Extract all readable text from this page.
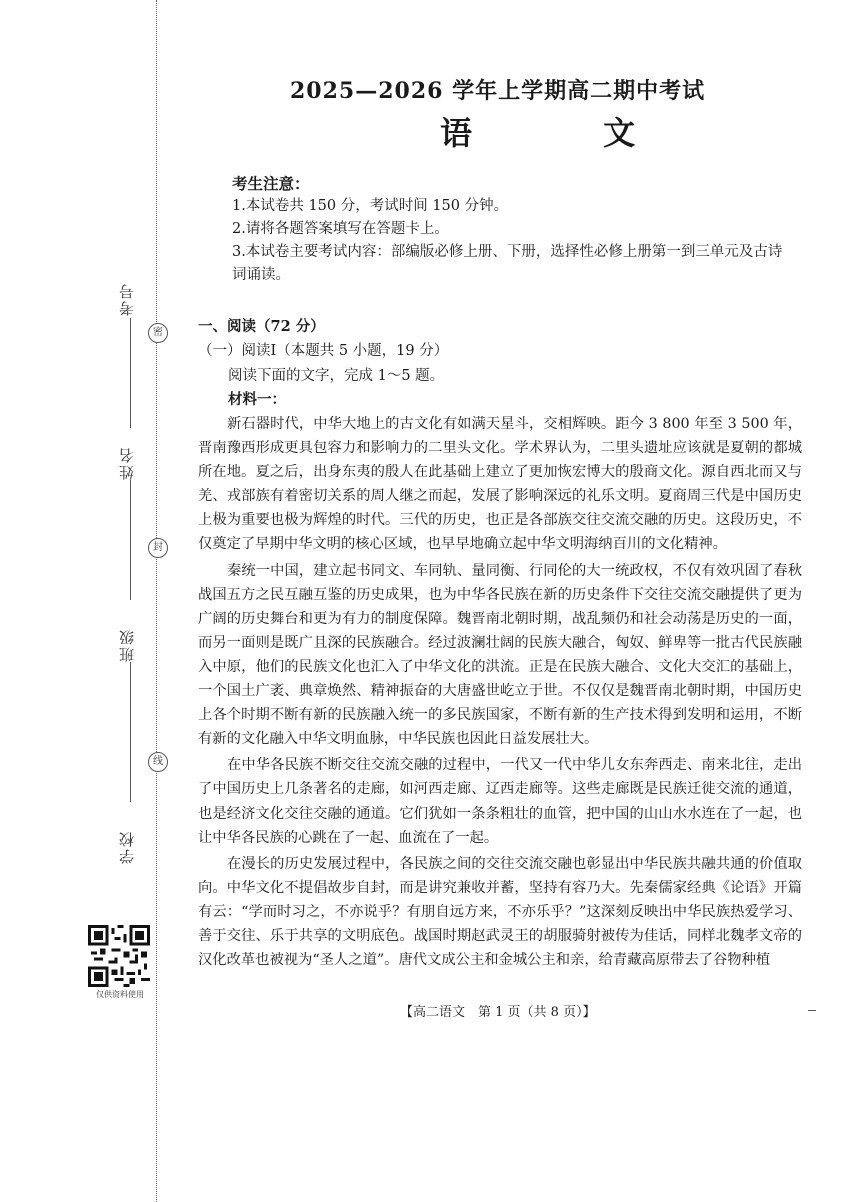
考号
姓名
班级
学校
密
封
线
仅供资料使用
2025—2026 学年上学期高二期中考试
语 文
考生注意：
1.本试卷共 150 分，考试时间 150 分钟。
2.请将各题答案填写在答题卡上。
3.本试卷主要考试内容：部编版必修上册、下册，选择性必修上册第一到三单元及古诗词诵读。
一、阅读（72 分）
（一）阅读Ⅰ（本题共 5 小题，19 分）
阅读下面的文字，完成 1～5 题。
材料一：

新石器时代，中华大地上的古文化有如满天星斗，交相辉映。距今 3 800 年至 3 500 年，晋南豫西形成更具包容力和影响力的二里头文化。学术界认为，二里头遗址应该就是夏朝的都城所在地。夏之后，出身东夷的殷人在此基础上建立了更加恢宏博大的殷商文化。源自西北而又与羌、戎部族有着密切关系的周人继之而起，发展了影响深远的礼乐文明。夏商周三代是中国历史上极为重要也极为辉煌的时代。三代的历史，也正是各部族交往交流交融的历史。这段历史，不仅奠定了早期中华文明的核心区域，也早早地确立起中华文明海纳百川的文化精神。

秦统一中国，建立起书同文、车同轨、量同衡、行同伦的大一统政权，不仅有效巩固了春秋战国五方之民互融互鉴的历史成果，也为中华各民族在新的历史条件下交往交流交融提供了更为广阔的历史舞台和更为有力的制度保障。魏晋南北朝时期，战乱频仍和社会动荡是历史的一面，而另一面则是既广且深的民族融合。经过波澜壮阔的民族大融合，匈奴、鲜卑等一批古代民族融入中原，他们的民族文化也汇入了中华文化的洪流。正是在民族大融合、文化大交汇的基础上，一个国土广袤、典章焕然、精神振奋的大唐盛世屹立于世。不仅仅是魏晋南北朝时期，中国历史上各个时期不断有新的民族融入统一的多民族国家，不断有新的生产技术得到发明和运用，不断有新的文化融入中华文明血脉，中华民族也因此日益发展壮大。

在中华各民族不断交往交流交融的过程中，一代又一代中华儿女东奔西走、南来北往，走出了中国历史上几条著名的走廊，如河西走廊、辽西走廊等。这些走廊既是民族迁徙交流的通道，也是经济文化交往交融的通道。它们犹如一条条粗壮的血管，把中国的山山水水连在了一起，也让中华各民族的心跳在了一起、血流在了一起。

在漫长的历史发展过程中，各民族之间的交往交流交融也彰显出中华民族共融共通的价值取向。中华文化不提倡故步自封，而是讲究兼收并蓄，坚持有容乃大。先秦儒家经典《论语》开篇有云：“学而时习之，不亦说乎？有朋自远方来，不亦乐乎？”这深刻反映出中华民族热爱学习、善于交往、乐于共享的文明底色。战国时期赵武灵王的胡服骑射被传为佳话，同样北魏孝文帝的汉化改革也被视为“圣人之道”。唐代文成公主和金城公主和亲，给青藏高原带去了谷物种植

【高二语文　第 1 页（共 8 页）】
